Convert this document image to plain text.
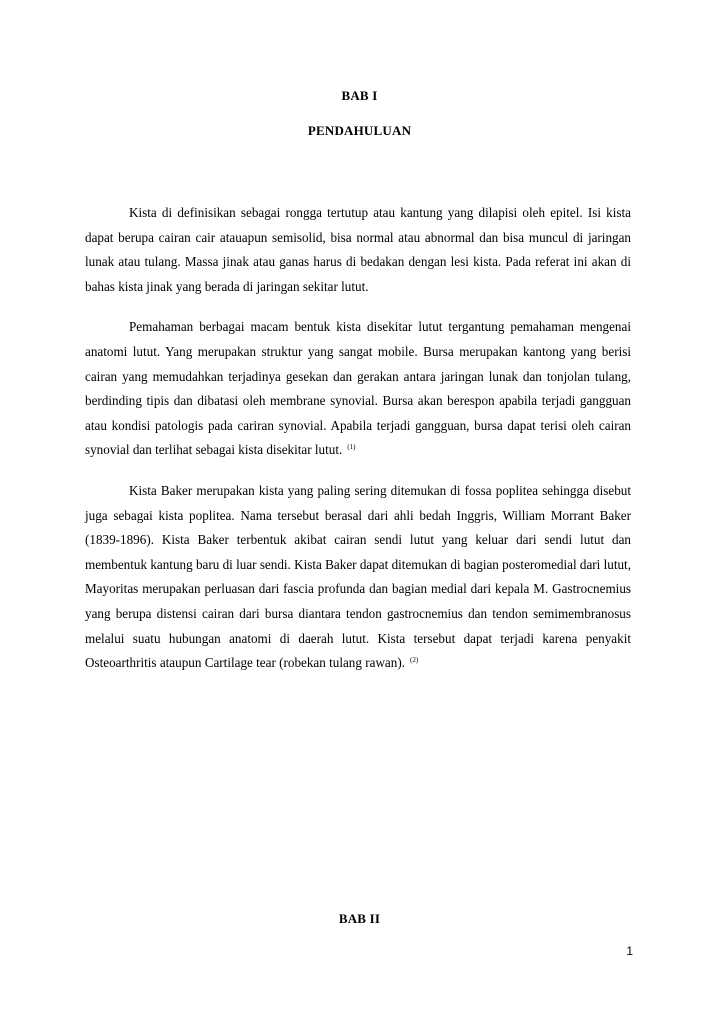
BAB I
PENDAHULUAN

Kista di definisikan sebagai rongga tertutup atau kantung yang dilapisi oleh epitel. Isi kista dapat berupa cairan cair atauapun semisolid, bisa normal atau abnormal dan bisa muncul di jaringan lunak atau tulang. Massa jinak atau ganas harus di bedakan dengan lesi kista. Pada referat ini akan di bahas kista jinak yang berada di jaringan sekitar lutut.

Pemahaman berbagai macam bentuk kista disekitar lutut tergantung pemahaman mengenai anatomi lutut. Yang merupakan struktur yang sangat mobile. Bursa merupakan kantong yang berisi cairan yang memudahkan terjadinya gesekan dan gerakan antara jaringan lunak dan tonjolan tulang, berdinding tipis dan dibatasi oleh membrane synovial. Bursa akan berespon apabila terjadi gangguan atau kondisi patologis pada cariran synovial. Apabila terjadi gangguan, bursa dapat terisi oleh cairan synovial dan terlihat sebagai kista disekitar lutut. $^{(1)}$

Kista Baker merupakan kista yang paling sering ditemukan di fossa poplitea sehingga disebut juga sebagai kista poplitea. Nama tersebut berasal dari ahli bedah Inggris, William Morrant Baker (1839-1896). Kista Baker terbentuk akibat cairan sendi lutut yang keluar dari sendi lutut dan membentuk kantung baru di luar sendi. Kista Baker dapat ditemukan di bagian posteromedial dari lutut, Mayoritas merupakan perluasan dari fascia profunda dan bagian medial dari kepala M. Gastrocnemius yang berupa distensi cairan dari bursa diantara tendon gastrocnemius dan tendon semimembranosus melalui suatu hubungan anatomi di daerah lutut. Kista tersebut dapat terjadi karena penyakit Osteoarthritis ataupun Cartilage tear (robekan tulang rawan). $^{(2)}$

BAB II
1
